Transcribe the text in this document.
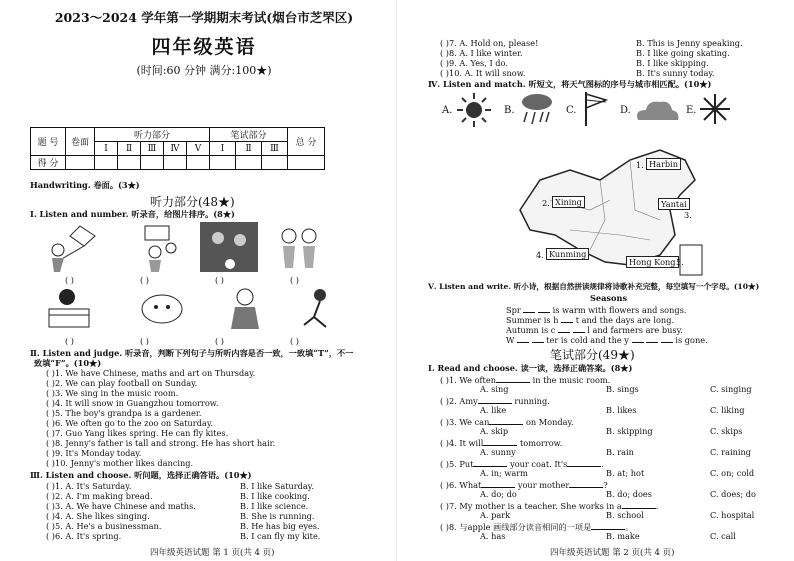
2023～2024 学年第一学期期末考试(烟台市芝罘区)
四年级英语
(时间:60 分钟 满分:100★)
题 号	卷面	听力部分					笔试部分			总 分
		Ⅰ	Ⅱ	Ⅲ	Ⅳ	Ⅴ	Ⅰ	Ⅱ	Ⅲ	
得 分										
Handwriting. 卷面。(3★)
听力部分(48★)
Ⅰ. Listen and number. 听录音，给图片排序。(8★)
( )	( )	( )	( )
( )	( )	( )	( )
Ⅱ. Listen and judge. 听录音，判断下列句子与所听内容是否一致，一致填“T”，不一
致填“F”。(10★)
( )1. We have Chinese, maths and art on Thursday.
( )2. We can play football on Sunday.
( )3. We sing in the music room.
( )4. It will snow in Guangzhou tomorrow.
( )5. The boy's grandpa is a gardener.
( )6. We often go to the zoo on Saturday.
( )7. Guo Yang likes spring. He can fly kites.
( )8. Jenny's father is tall and strong. He has short hair.
( )9. It's Monday today.
( )10. Jenny's mother likes dancing.
Ⅲ. Listen and choose. 听问题，选择正确答语。(10★)
( )1. A. It's Saturday.	B. I like Saturday.
( )2. A. I'm making bread.	B. I like cooking.
( )3. A. We have Chinese and maths.	B. I like science.
( )4. A. She likes singing.	B. She is running.
( )5. A. He's a businessman.	B. He has big eyes.
( )6. A. It's spring.	B. I can fly my kite.
四年级英语试题 第 1 页(共 4 页)
( )7. A. Hold on, please!	B. This is Jenny speaking.
( )8. A. I like winter.	B. I like going skating.
( )9. A. Yes, I do.	B. I like skipping.
( )10. A. It will snow.	B. It's sunny today.
Ⅳ. Listen and match. 听短文，将天气图标的序号与城市相匹配。(10★)
A.	B.	C.	D.	E.
Harbin
Xining	Yantai
Kunming
Hong Kong
1.
2.
3.
4.
5.
Ⅴ. Listen and write. 听小诗，根据自然拼读规律将诗歌补充完整，每空填写一个字母。(10★)
Seasons
Spr	is warm with flowers and songs.
Summer is h t and the days are long.
Autumn is c	l and farmers are busy.
W	ter is cold and the y	is gone.
笔试部分(49★)
Ⅰ. Read and choose. 读一读，选择正确答案。(8★)
四年级英语试题 第 2 页(共 4 页)
( )1. We often	in the music room.
A. sing	B. sings	C. singing
( )2. Amy	running.
A. like	B. likes	C. liking
( )3. We can	on Monday.
A. skip	B. skipping	C. skips
( )4. It will	tomorrow.
A. sunny	B. rain	C. raining
( )5. Put	your coat. It's	.
A. in; warm	B. at; hot	C. on; cold
( )6. What	your mother	?
A. do; do	B. do; does	C. does; do
( )7. My mother is a teacher. She works in a	.
A. park	B. school	C. hospital
( )8. 与apple 画线部分读音相同的一项是	。
A. has	B. make	C. call
